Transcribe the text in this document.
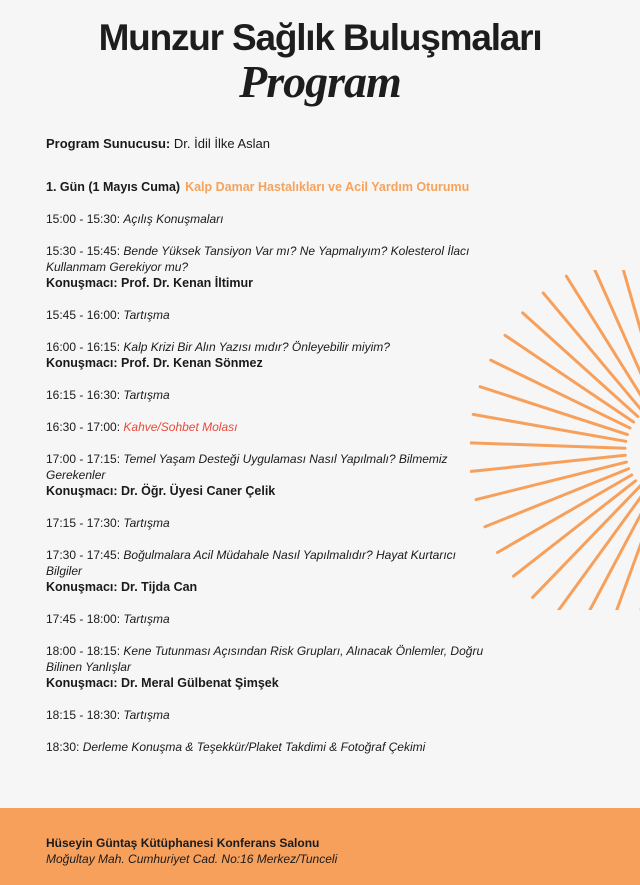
Munzur Sağlık Buluşmaları
Program
Program Sunucusu: Dr. İdil İlke Aslan
1. Gün (1 Mayıs Cuma) Kalp Damar Hastalıkları ve Acil Yardım Oturumu
15:00 - 15:30: Açılış Konuşmaları
15:30 - 15:45: Bende Yüksek Tansiyon Var mı? Ne Yapmalıyım? Kolesterol İlacı Kullanmam Gerekiyor mu?
Konuşmacı: Prof. Dr. Kenan İltimur
15:45 - 16:00: Tartışma
16:00 - 16:15: Kalp Krizi Bir Alın Yazısı mıdır? Önleyebilir miyim?
Konuşmacı: Prof. Dr. Kenan Sönmez
16:15 - 16:30: Tartışma
16:30 - 17:00: Kahve/Sohbet Molası
17:00 - 17:15: Temel Yaşam Desteği Uygulaması Nasıl Yapılmalı? Bilmemiz Gerekenler
Konuşmacı: Dr. Öğr. Üyesi Caner Çelik
17:15 - 17:30: Tartışma
17:30 - 17:45: Boğulmalara Acil Müdahale Nasıl Yapılmalıdır? Hayat Kurtarıcı Bilgiler
Konuşmacı: Dr. Tijda Can
17:45 - 18:00: Tartışma
18:00 - 18:15: Kene Tutunması Açısından Risk Grupları, Alınacak Önlemler, Doğru Bilinen Yanlışlar
Konuşmacı: Dr. Meral Gülbenat Şimşek
18:15 - 18:30: Tartışma
18:30: Derleme Konuşma & Teşekkür/Plaket Takdimi & Fotoğraf Çekimi
Hüseyin Güntaş Kütüphanesi Konferans Salonu
Moğultay Mah. Cumhuriyet Cad. No:16 Merkez/Tunceli
